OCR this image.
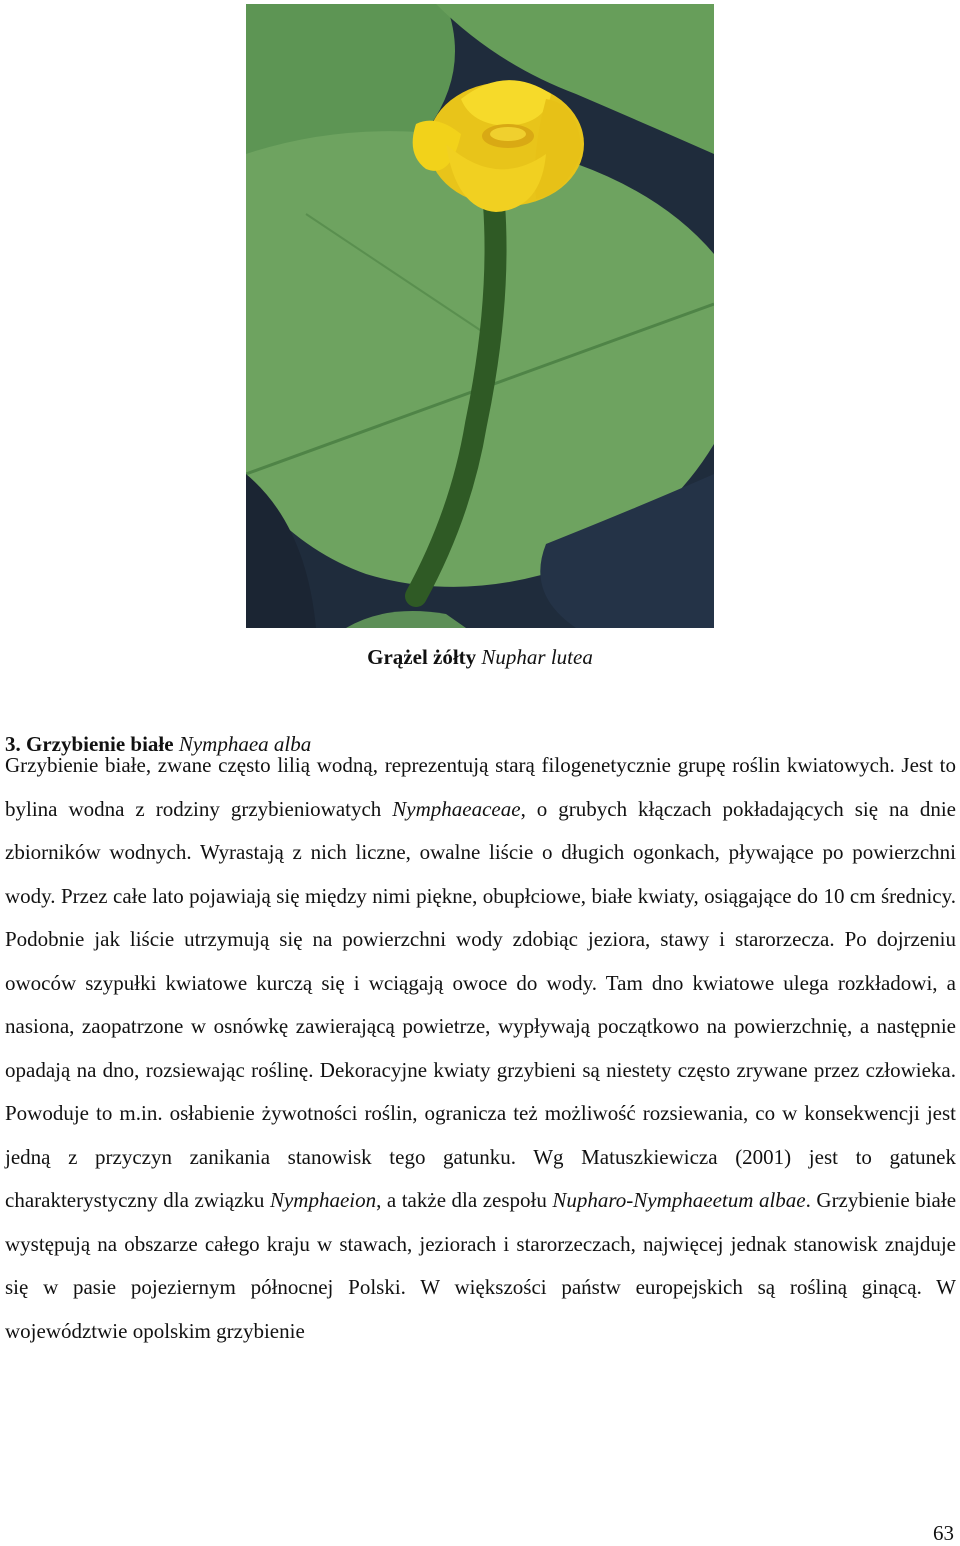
Grążel żółty Nuphar lutea
3. Grzybienie białe Nymphaea alba

Grzybienie białe, zwane często lilią wodną, reprezentują starą filogenetycznie grupę roślin kwiatowych. Jest to bylina wodna z rodziny grzybieniowatych Nymphaeaceae, o grubych kłączach pokładających się na dnie zbiorników wodnych. Wyrastają z nich liczne, owalne liście o długich ogonkach, pływające po powierzchni wody. Przez całe lato pojawiają się między nimi piękne, obupłciowe, białe kwiaty, osiągające do 10 cm średnicy. Podobnie jak liście utrzymują się na powierzchni wody zdobiąc jeziora, stawy i starorzecza. Po dojrzeniu owoców szypułki kwiatowe kurczą się i wciągają owoce do wody. Tam dno kwiatowe ulega rozkładowi, a nasiona, zaopatrzone w osnówkę zawierającą powietrze, wypływają początkowo na powierzchnię, a następnie opadają na dno, rozsiewając roślinę. Dekoracyjne kwiaty grzybieni są niestety często zrywane przez człowieka. Powoduje to m.in. osłabienie żywotności roślin, ogranicza też możliwość rozsiewania, co w konsekwencji jest jedną z przyczyn zanikania stanowisk tego gatunku. Wg Matuszkiewicza (2001) jest to gatunek charakterystyczny dla związku Nymphaeion, a także dla zespołu Nupharo-Nymphaeetum albae. Grzybienie białe występują na obszarze całego kraju w stawach, jeziorach i starorzeczach, najwięcej jednak stanowisk znajduje się w pasie pojeziernym północnej Polski. W większości państw europejskich są rośliną ginącą. W województwie opolskim grzybienie

63
